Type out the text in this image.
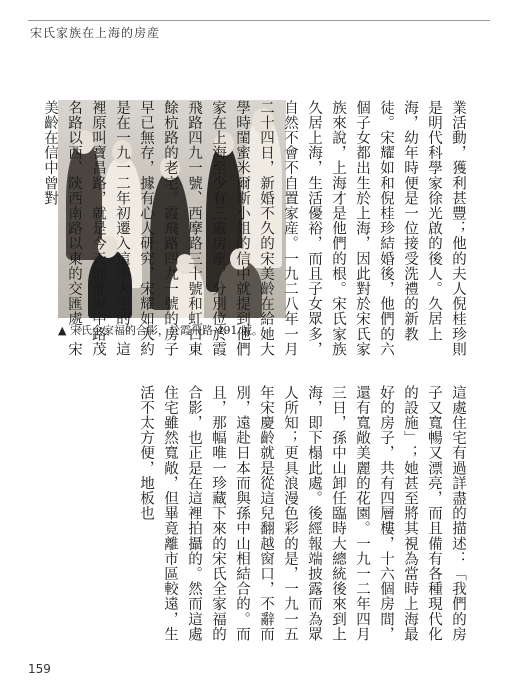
宋氏家族在上海的房産
▲ 宋氏全家福的合影，於霞飛路 491 號。	業活動，獲利甚豐；他的夫人倪桂珍則是明代科學家徐光啟的後人。久居上海，幼年時便是一位接受洗禮的新教徒。宋耀如和倪桂珍結婚後，他們的六個子女都出生於上海，因此對於宋氏家族來說，上海才是他們的根。宋氏家族久居上海，生活優裕，而且子女眾多，自然不會不自置家産。一九二八年一月二十四日，新婚不久的宋美齡在給她大學時閨蜜米爾斯小姐的信中就提到他們家在上海至少有三處房産，分別位於霞飛路四九一號、西摩路三十號和虹口東餘杭路的老宅。霞飛路四九一號的房子早已無存，據有心人研究，宋耀如大約是在一九一二年初遷入這座大宅的。這裡原叫寶昌路，就是今天的淮海中路茂名路以西、陝西南路以東的交匯處。宋美齡在信中曾對
這處住宅有過詳盡的描述：「我們的房子又寬暢又漂亮，而且備有各種現代化的設施」；她甚至將其視為當時上海最好的房子，共有四層樓，十六個房間，還有寬敞美麗的花園。一九一二年四月三日，孫中山卸任臨時大總統後來到上海，即下榻此處。後經報端披露而為眾人所知；更具浪漫色彩的是，一九一五年宋慶齡就是從這兒翻越窗口，不辭而別，遠赴日本而與孫中山相結合的。而且，那幅唯一珍藏下來的宋氏全家福的合影，也正是在這裡拍攝的。然而這處住宅雖然寬敞，但畢竟離市區較遠，生活不太方便，地板也
159
